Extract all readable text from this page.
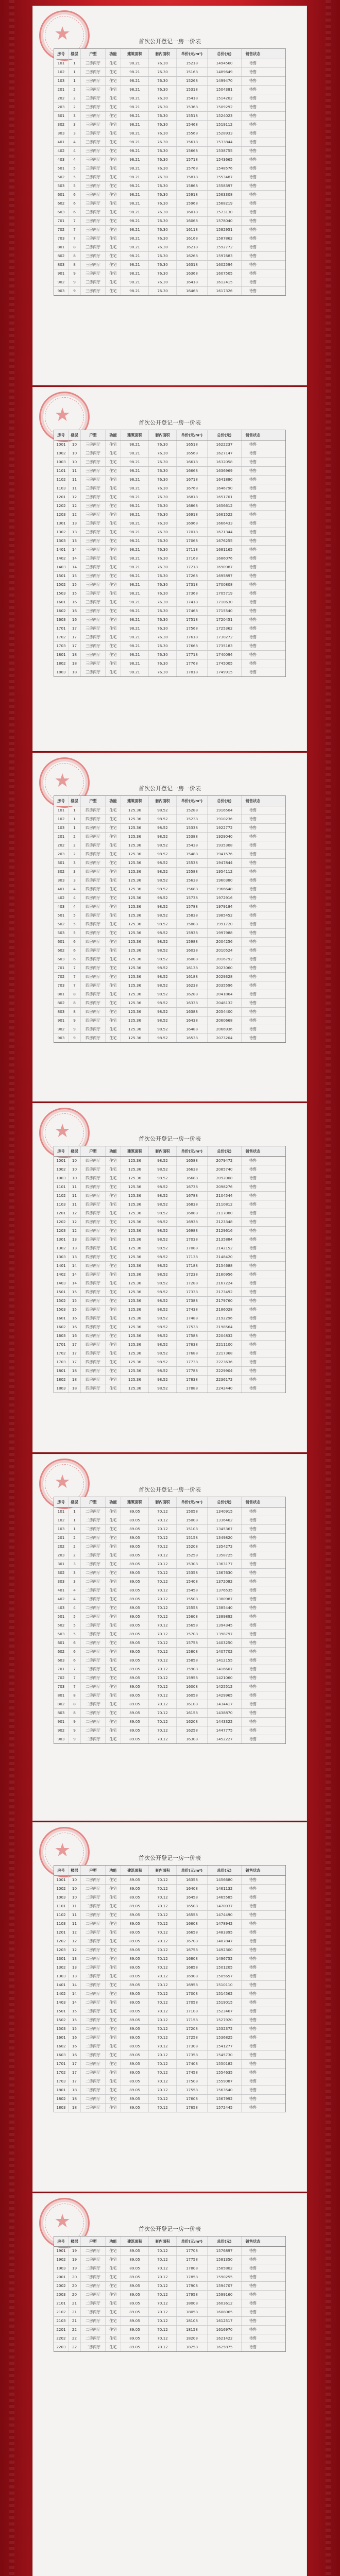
★	首次公开登记一房一价表
房号	楼层	户型	功能	建筑面积	套内面积	单价(元/m²)	总价(元)	销售状态
101	1	三房两厅	住宅	98.21	76.30	15218	1494560	待售
102	1	三房两厅	住宅	98.21	76.30	15168	1489649	待售
103	1	三房两厅	住宅	98.21	76.30	15268	1499470	待售
201	2	三房两厅	住宅	98.21	76.30	15318	1504381	待售
202	2	三房两厅	住宅	98.21	76.30	15418	1514202	待售
203	2	三房两厅	住宅	98.21	76.30	15368	1509292	待售
301	3	三房两厅	住宅	98.21	76.30	15518	1524023	待售
302	3	三房两厅	住宅	98.21	76.30	15468	1519112	待售
303	3	三房两厅	住宅	98.21	76.30	15568	1528933	待售
401	4	三房两厅	住宅	98.21	76.30	15618	1533844	待售
402	4	三房两厅	住宅	98.21	76.30	15668	1538755	待售
403	4	三房两厅	住宅	98.21	76.30	15718	1543665	待售
501	5	三房两厅	住宅	98.21	76.30	15768	1548576	待售
502	5	三房两厅	住宅	98.21	76.30	15818	1553487	待售
503	5	三房两厅	住宅	98.21	76.30	15868	1558397	待售
601	6	三房两厅	住宅	98.21	76.30	15918	1563308	待售
602	6	三房两厅	住宅	98.21	76.30	15968	1568219	待售
603	6	三房两厅	住宅	98.21	76.30	16018	1573130	待售
701	7	三房两厅	住宅	98.21	76.30	16068	1578040	待售
702	7	三房两厅	住宅	98.21	76.30	16118	1582951	待售
703	7	三房两厅	住宅	98.21	76.30	16168	1587862	待售
801	8	三房两厅	住宅	98.21	76.30	16218	1592772	待售
802	8	三房两厅	住宅	98.21	76.30	16268	1597683	待售
803	8	三房两厅	住宅	98.21	76.30	16318	1602594	待售
901	9	三房两厅	住宅	98.21	76.30	16368	1607505	待售
902	9	三房两厅	住宅	98.21	76.30	16418	1612415	待售
903	9	三房两厅	住宅	98.21	76.30	16468	1617326	待售
★	首次公开登记一房一价表
房号	楼层	户型	功能	建筑面积	套内面积	单价(元/m²)	总价(元)	销售状态
1001	10	三房两厅	住宅	98.21	76.30	16518	1622237	待售
1002	10	三房两厅	住宅	98.21	76.30	16568	1627147	待售
1003	10	三房两厅	住宅	98.21	76.30	16618	1632058	待售
1101	11	三房两厅	住宅	98.21	76.30	16668	1636969	待售
1102	11	三房两厅	住宅	98.21	76.30	16718	1641880	待售
1103	11	三房两厅	住宅	98.21	76.30	16768	1646790	待售
1201	12	三房两厅	住宅	98.21	76.30	16818	1651701	待售
1202	12	三房两厅	住宅	98.21	76.30	16868	1656612	待售
1203	12	三房两厅	住宅	98.21	76.30	16918	1661522	待售
1301	13	三房两厅	住宅	98.21	76.30	16968	1666433	待售
1302	13	三房两厅	住宅	98.21	76.30	17018	1671344	待售
1303	13	三房两厅	住宅	98.21	76.30	17068	1676255	待售
1401	14	三房两厅	住宅	98.21	76.30	17118	1681165	待售
1402	14	三房两厅	住宅	98.21	76.30	17168	1686076	待售
1403	14	三房两厅	住宅	98.21	76.30	17218	1690987	待售
1501	15	三房两厅	住宅	98.21	76.30	17268	1695897	待售
1502	15	三房两厅	住宅	98.21	76.30	17318	1700808	待售
1503	15	三房两厅	住宅	98.21	76.30	17368	1705719	待售
1601	16	三房两厅	住宅	98.21	76.30	17418	1710630	待售
1602	16	三房两厅	住宅	98.21	76.30	17468	1715540	待售
1603	16	三房两厅	住宅	98.21	76.30	17518	1720451	待售
1701	17	三房两厅	住宅	98.21	76.30	17568	1725362	待售
1702	17	三房两厅	住宅	98.21	76.30	17618	1730272	待售
1703	17	三房两厅	住宅	98.21	76.30	17668	1735183	待售
1801	18	三房两厅	住宅	98.21	76.30	17718	1740094	待售
1802	18	三房两厅	住宅	98.21	76.30	17768	1745005	待售
1803	18	三房两厅	住宅	98.21	76.30	17818	1749915	待售
★	首次公开登记一房一价表
房号	楼层	户型	功能	建筑面积	套内面积	单价(元/m²)	总价(元)	销售状态
101	1	四房两厅	住宅	125.36	98.52	15288	1916504	待售
102	1	四房两厅	住宅	125.36	98.52	15238	1910236	待售
103	1	四房两厅	住宅	125.36	98.52	15338	1922772	待售
201	2	四房两厅	住宅	125.36	98.52	15388	1929040	待售
202	2	四房两厅	住宅	125.36	98.52	15438	1935308	待售
203	2	四房两厅	住宅	125.36	98.52	15488	1941576	待售
301	3	四房两厅	住宅	125.36	98.52	15538	1947844	待售
302	3	四房两厅	住宅	125.36	98.52	15588	1954112	待售
303	3	四房两厅	住宅	125.36	98.52	15638	1960380	待售
401	4	四房两厅	住宅	125.36	98.52	15688	1966648	待售
402	4	四房两厅	住宅	125.36	98.52	15738	1972916	待售
403	4	四房两厅	住宅	125.36	98.52	15788	1979184	待售
501	5	四房两厅	住宅	125.36	98.52	15838	1985452	待售
502	5	四房两厅	住宅	125.36	98.52	15888	1991720	待售
503	5	四房两厅	住宅	125.36	98.52	15938	1997988	待售
601	6	四房两厅	住宅	125.36	98.52	15988	2004256	待售
602	6	四房两厅	住宅	125.36	98.52	16038	2010524	待售
603	6	四房两厅	住宅	125.36	98.52	16088	2016792	待售
701	7	四房两厅	住宅	125.36	98.52	16138	2023060	待售
702	7	四房两厅	住宅	125.36	98.52	16188	2029328	待售
703	7	四房两厅	住宅	125.36	98.52	16238	2035596	待售
801	8	四房两厅	住宅	125.36	98.52	16288	2041864	待售
802	8	四房两厅	住宅	125.36	98.52	16338	2048132	待售
803	8	四房两厅	住宅	125.36	98.52	16388	2054400	待售
901	9	四房两厅	住宅	125.36	98.52	16438	2060668	待售
902	9	四房两厅	住宅	125.36	98.52	16488	2066936	待售
903	9	四房两厅	住宅	125.36	98.52	16538	2073204	待售
★	首次公开登记一房一价表
房号	楼层	户型	功能	建筑面积	套内面积	单价(元/m²)	总价(元)	销售状态
1001	10	四房两厅	住宅	125.36	98.52	16588	2079472	待售
1002	10	四房两厅	住宅	125.36	98.52	16638	2085740	待售
1003	10	四房两厅	住宅	125.36	98.52	16688	2092008	待售
1101	11	四房两厅	住宅	125.36	98.52	16738	2098276	待售
1102	11	四房两厅	住宅	125.36	98.52	16788	2104544	待售
1103	11	四房两厅	住宅	125.36	98.52	16838	2110812	待售
1201	12	四房两厅	住宅	125.36	98.52	16888	2117080	待售
1202	12	四房两厅	住宅	125.36	98.52	16938	2123348	待售
1203	12	四房两厅	住宅	125.36	98.52	16988	2129616	待售
1301	13	四房两厅	住宅	125.36	98.52	17038	2135884	待售
1302	13	四房两厅	住宅	125.36	98.52	17088	2142152	待售
1303	13	四房两厅	住宅	125.36	98.52	17138	2148420	待售
1401	14	四房两厅	住宅	125.36	98.52	17188	2154688	待售
1402	14	四房两厅	住宅	125.36	98.52	17238	2160956	待售
1403	14	四房两厅	住宅	125.36	98.52	17288	2167224	待售
1501	15	四房两厅	住宅	125.36	98.52	17338	2173492	待售
1502	15	四房两厅	住宅	125.36	98.52	17388	2179760	待售
1503	15	四房两厅	住宅	125.36	98.52	17438	2186028	待售
1601	16	四房两厅	住宅	125.36	98.52	17488	2192296	待售
1602	16	四房两厅	住宅	125.36	98.52	17538	2198564	待售
1603	16	四房两厅	住宅	125.36	98.52	17588	2204832	待售
1701	17	四房两厅	住宅	125.36	98.52	17638	2211100	待售
1702	17	四房两厅	住宅	125.36	98.52	17688	2217368	待售
1703	17	四房两厅	住宅	125.36	98.52	17738	2223636	待售
1801	18	四房两厅	住宅	125.36	98.52	17788	2229904	待售
1802	18	四房两厅	住宅	125.36	98.52	17838	2236172	待售
1803	18	四房两厅	住宅	125.36	98.52	17888	2242440	待售
★	首次公开登记一房一价表
房号	楼层	户型	功能	建筑面积	套内面积	单价(元/m²)	总价(元)	销售状态
101	1	二房两厅	住宅	89.05	70.12	15058	1340915	待售
102	1	二房两厅	住宅	89.05	70.12	15008	1336462	待售
103	1	二房两厅	住宅	89.05	70.12	15108	1345367	待售
201	2	二房两厅	住宅	89.05	70.12	15158	1349820	待售
202	2	二房两厅	住宅	89.05	70.12	15208	1354272	待售
203	2	二房两厅	住宅	89.05	70.12	15258	1358725	待售
301	3	二房两厅	住宅	89.05	70.12	15308	1363177	待售
302	3	二房两厅	住宅	89.05	70.12	15358	1367630	待售
303	3	二房两厅	住宅	89.05	70.12	15408	1372082	待售
401	4	二房两厅	住宅	89.05	70.12	15458	1376535	待售
402	4	二房两厅	住宅	89.05	70.12	15508	1380987	待售
403	4	二房两厅	住宅	89.05	70.12	15558	1385440	待售
501	5	二房两厅	住宅	89.05	70.12	15608	1389892	待售
502	5	二房两厅	住宅	89.05	70.12	15658	1394345	待售
503	5	二房两厅	住宅	89.05	70.12	15708	1398797	待售
601	6	二房两厅	住宅	89.05	70.12	15758	1403250	待售
602	6	二房两厅	住宅	89.05	70.12	15808	1407702	待售
603	6	二房两厅	住宅	89.05	70.12	15858	1412155	待售
701	7	二房两厅	住宅	89.05	70.12	15908	1416607	待售
702	7	二房两厅	住宅	89.05	70.12	15958	1421060	待售
703	7	二房两厅	住宅	89.05	70.12	16008	1425512	待售
801	8	二房两厅	住宅	89.05	70.12	16058	1429965	待售
802	8	二房两厅	住宅	89.05	70.12	16108	1434417	待售
803	8	二房两厅	住宅	89.05	70.12	16158	1438870	待售
901	9	二房两厅	住宅	89.05	70.12	16208	1443322	待售
902	9	二房两厅	住宅	89.05	70.12	16258	1447775	待售
903	9	二房两厅	住宅	89.05	70.12	16308	1452227	待售
★	首次公开登记一房一价表
房号	楼层	户型	功能	建筑面积	套内面积	单价(元/m²)	总价(元)	销售状态
1001	10	二房两厅	住宅	89.05	70.12	16358	1456680	待售
1002	10	二房两厅	住宅	89.05	70.12	16408	1461132	待售
1003	10	二房两厅	住宅	89.05	70.12	16458	1465585	待售
1101	11	二房两厅	住宅	89.05	70.12	16508	1470037	待售
1102	11	二房两厅	住宅	89.05	70.12	16558	1474490	待售
1103	11	二房两厅	住宅	89.05	70.12	16608	1478942	待售
1201	12	二房两厅	住宅	89.05	70.12	16658	1483395	待售
1202	12	二房两厅	住宅	89.05	70.12	16708	1487847	待售
1203	12	二房两厅	住宅	89.05	70.12	16758	1492300	待售
1301	13	二房两厅	住宅	89.05	70.12	16808	1496752	待售
1302	13	二房两厅	住宅	89.05	70.12	16858	1501205	待售
1303	13	二房两厅	住宅	89.05	70.12	16908	1505657	待售
1401	14	二房两厅	住宅	89.05	70.12	16958	1510110	待售
1402	14	二房两厅	住宅	89.05	70.12	17008	1514562	待售
1403	14	二房两厅	住宅	89.05	70.12	17058	1519015	待售
1501	15	二房两厅	住宅	89.05	70.12	17108	1523467	待售
1502	15	二房两厅	住宅	89.05	70.12	17158	1527920	待售
1503	15	二房两厅	住宅	89.05	70.12	17208	1532372	待售
1601	16	二房两厅	住宅	89.05	70.12	17258	1536825	待售
1602	16	二房两厅	住宅	89.05	70.12	17308	1541277	待售
1603	16	二房两厅	住宅	89.05	70.12	17358	1545730	待售
1701	17	二房两厅	住宅	89.05	70.12	17408	1550182	待售
1702	17	二房两厅	住宅	89.05	70.12	17458	1554635	待售
1703	17	二房两厅	住宅	89.05	70.12	17508	1559087	待售
1801	18	二房两厅	住宅	89.05	70.12	17558	1563540	待售
1802	18	二房两厅	住宅	89.05	70.12	17608	1567992	待售
1803	18	二房两厅	住宅	89.05	70.12	17658	1572445	待售
★	首次公开登记一房一价表
房号	楼层	户型	功能	建筑面积	套内面积	单价(元/m²)	总价(元)	销售状态
1901	19	二房两厅	住宅	89.05	70.12	17708	1576897	待售
1902	19	二房两厅	住宅	89.05	70.12	17758	1581350	待售
1903	19	二房两厅	住宅	89.05	70.12	17808	1585802	待售
2001	20	二房两厅	住宅	89.05	70.12	17858	1590255	待售
2002	20	二房两厅	住宅	89.05	70.12	17908	1594707	待售
2003	20	二房两厅	住宅	89.05	70.12	17958	1599160	待售
2101	21	二房两厅	住宅	89.05	70.12	18008	1603612	待售
2102	21	二房两厅	住宅	89.05	70.12	18058	1608065	待售
2103	21	二房两厅	住宅	89.05	70.12	18108	1612517	待售
2201	22	二房两厅	住宅	89.05	70.12	18158	1616970	待售
2202	22	二房两厅	住宅	89.05	70.12	18208	1621422	待售
2203	22	二房两厅	住宅	89.05	70.12	18258	1625875	待售
